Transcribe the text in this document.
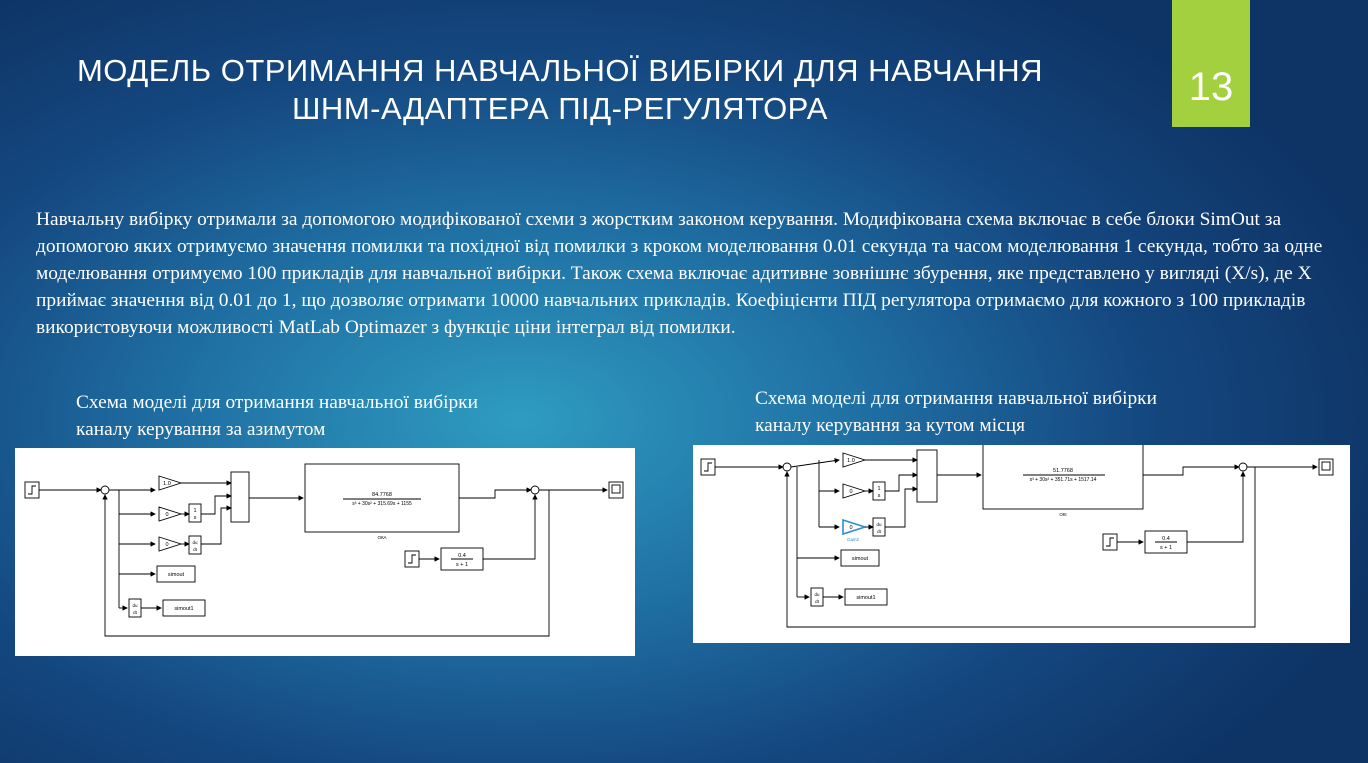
МОДЕЛЬ ОТРИМАННЯ НАВЧАЛЬНОЇ ВИБІРКИ ДЛЯ НАВЧАННЯ
ШНМ-АДАПТЕРА ПІД-РЕГУЛЯТОРА	13

Навчальну вибірку отримали за допомогою модифікованої схеми з жорстким законом керування. Модифікована схема включає в себе блоки SimOut за допомогою яких отримуємо значення помилки та похідної від помилки з кроком моделювання 0.01 секунда та часом моделювання 1 секунда, тобто за одне моделювання отримуємо 100 прикладів для навчальної вибірки. Також схема включає адитивне зовнішнє збурення, яке представлено у вигляді (X/s), де X приймає значення від 0.01 до 1, що дозволяє отримати 10000 навчальних прикладів. Коефіцієнти ПІД регулятора отримаємо для кожного з 100 прикладів використовуючи можливості MatLab Optimazer з функціє ціни інтеграл від помилки.

Схема моделі для отримання навчальної вибірки
каналу керування за азимутом
Схема моделі для отримання навчальної вибірки
каналу керування за кутом місця
1.0
0
0
1
s
du
dt
84.7768
s³ + 30s² + 315.69s + 1155
ОКА
0.4
s + 1
simout
du
dt
simout1
1.0
0
0
Gain2
1
s
du
dt
51.7768
s³ + 30s² + 351.71s + 1517.14
ОКІ
0.4
s + 1
simout
du
dt
simout1
